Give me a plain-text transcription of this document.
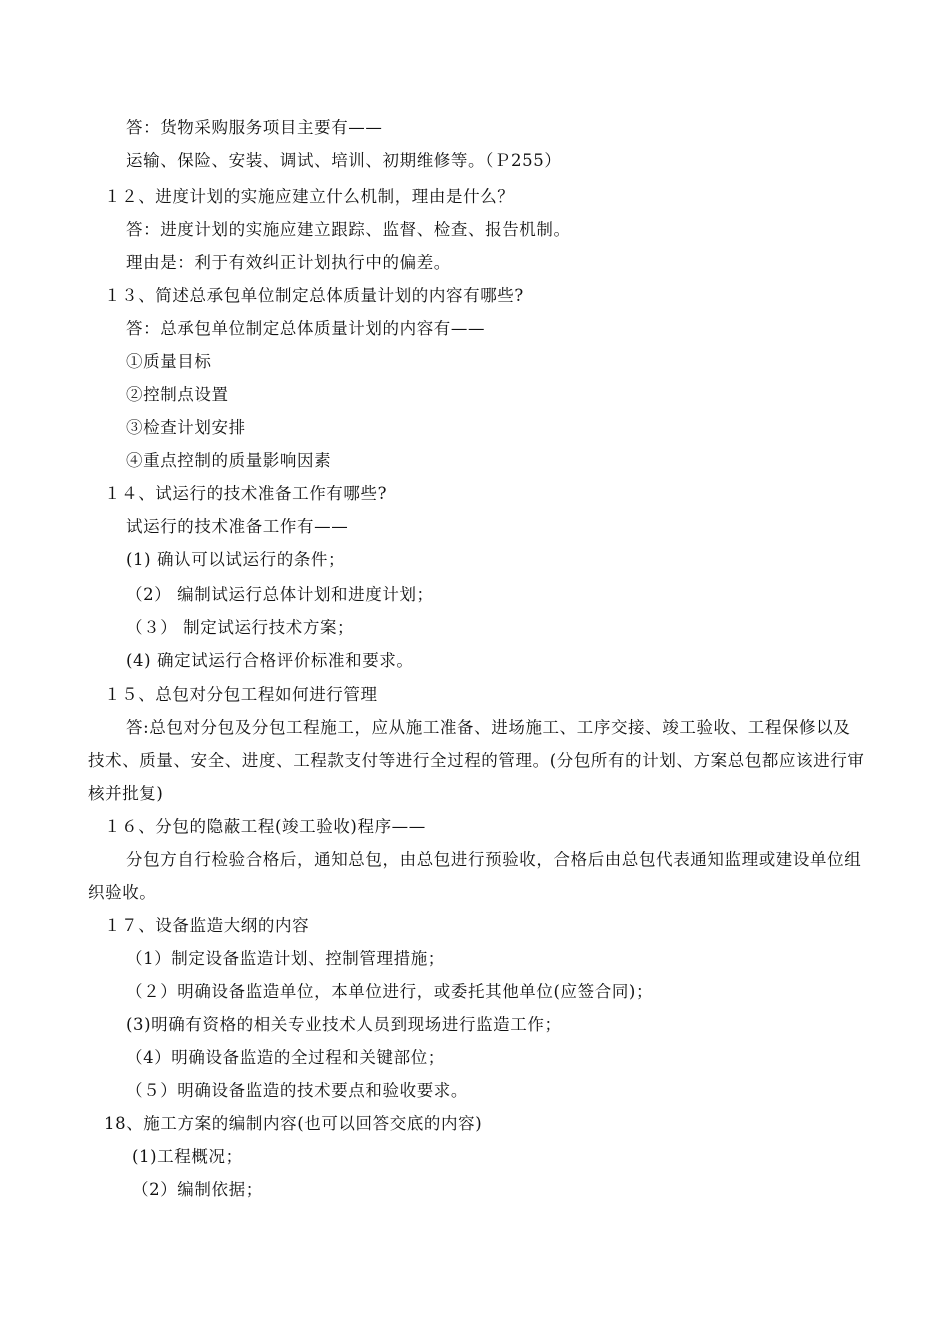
答：货物采购服务项目主要有——
运输、保险、安装、调试、培训、初期维修等。（Ｐ255）
１２、进度计划的实施应建立什么机制，理由是什么？
答：进度计划的实施应建立跟踪、监督、检查、报告机制。
理由是：利于有效纠正计划执行中的偏差。
１３、简述总承包单位制定总体质量计划的内容有哪些?
答：总承包单位制定总体质量计划的内容有——
①质量目标
②控制点设置
③检查计划安排
④重点控制的质量影响因素
１４、试运行的技术准备工作有哪些?
试运行的技术准备工作有——
(1) 确认可以试运行的条件；
（2） 编制试运行总体计划和进度计划；
（３） 制定试运行技术方案；
(4) 确定试运行合格评价标准和要求。
１５、总包对分包工程如何进行管理
答:总包对分包及分包工程施工，应从施工准备、进场施工、工序交接、竣工验收、工程保修以及技术、质量、安全、进度、工程款支付等进行全过程的管理。(分包所有的计划、方案总包都应该进行审核并批复)
１６、分包的隐蔽工程(竣工验收)程序——
分包方自行检验合格后，通知总包，由总包进行预验收，合格后由总包代表通知监理或建设单位组织验收。
１７、设备监造大纲的内容
（1）制定设备监造计划、控制管理措施；
（２）明确设备监造单位，本单位进行，或委托其他单位(应签合同)；
(3)明确有资格的相关专业技术人员到现场进行监造工作；
（4）明确设备监造的全过程和关键部位；
（５）明确设备监造的技术要点和验收要求。
18、施工方案的编制内容(也可以回答交底的内容)
(1)工程概况；
（2）编制依据；
